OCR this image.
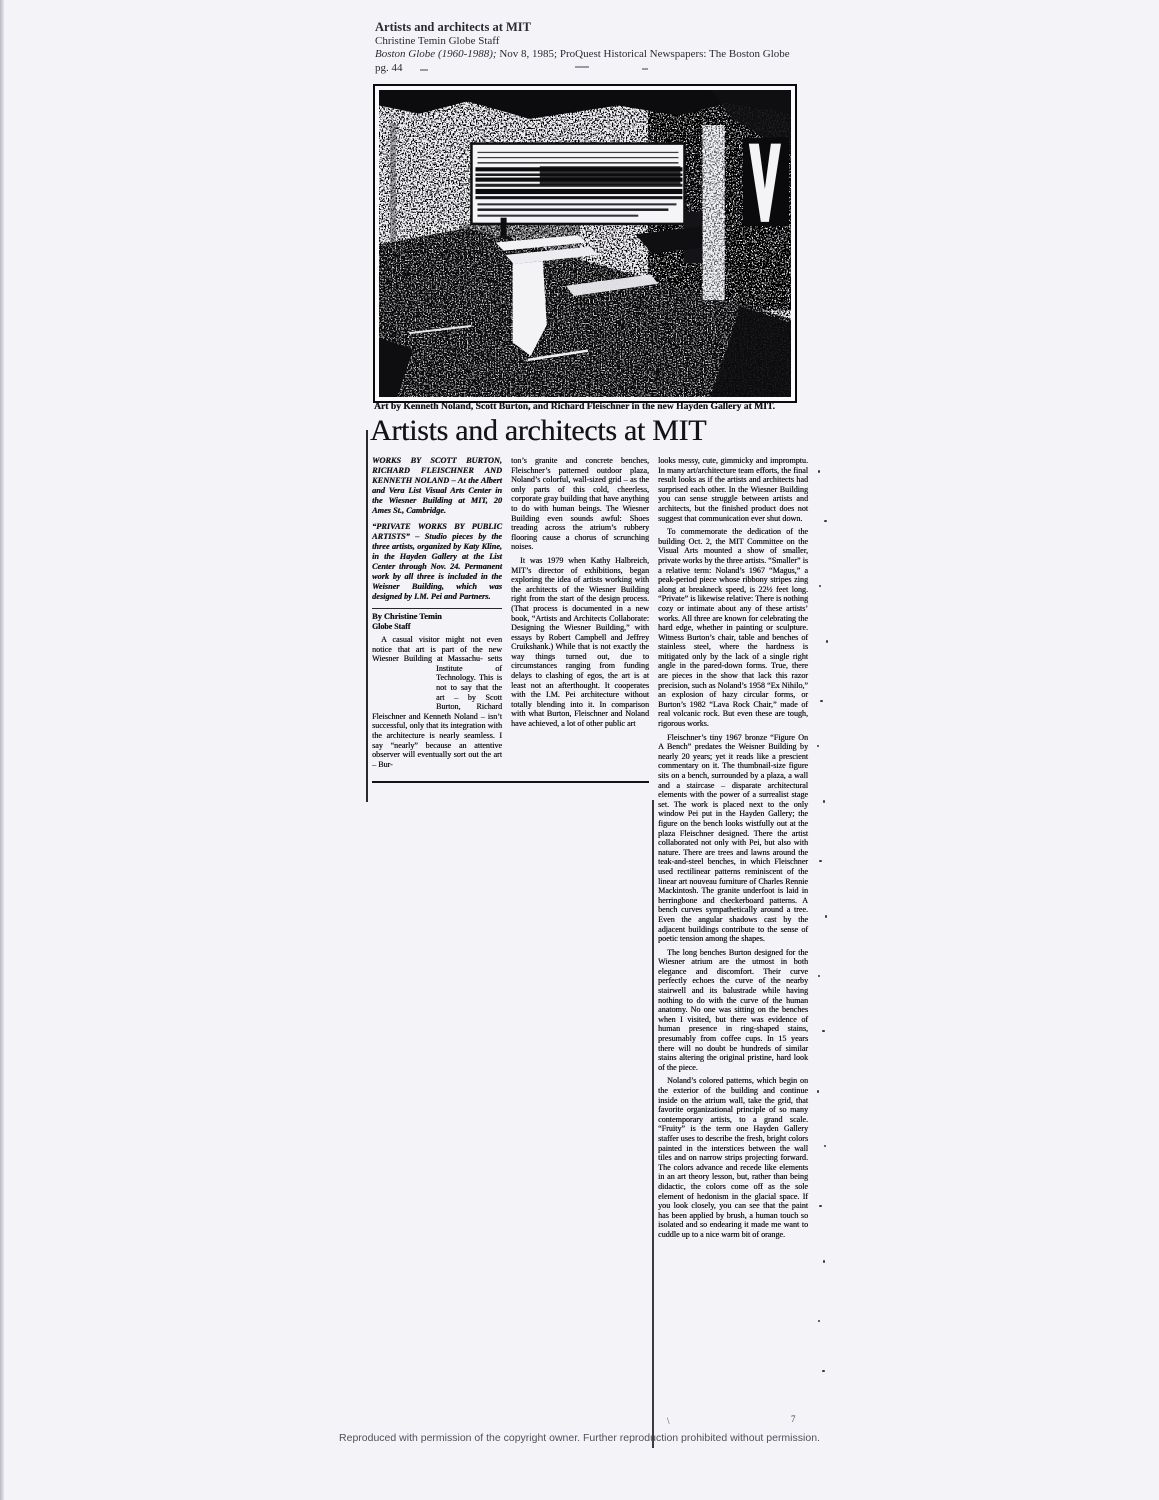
Artists and architects at MIT
Christine Temin Globe Staff
Boston Globe (1960-1988); Nov 8, 1985; ProQuest Historical Newspapers: The Boston Globe
pg. 44
Art by Kenneth Noland, Scott Burton, and Richard Fleischner in the new Hayden Gallery at MIT.
Artists and architects at MIT

WORKS BY SCOTT BURTON, RICHARD FLEISCHNER AND KENNETH NOLAND – At the Albert and Vera List Visual Arts Center in the Wiesner Building at MIT, 20 Ames St., Cambridge.

“PRIVATE WORKS BY PUBLIC ARTISTS” – Studio pieces by the three artists, organized by Katy Kline, in the Hayden Gallery at the List Center through Nov. 24. Permanent work by all three is included in the Weisner Building, which was designed by I.M. Pei and Partners.

By Christine Temin
Globe Staff

A casual visitor might not even notice that art is part of the new Wiesner Building at Massachu- setts Institute of Technology. This is not to say that the art – by Scott Burton, Richard Fleischner and Kenneth Noland – isn’t successful, only that its integration with the architecture is nearly seamless. I say “nearly” because an attentive observer will eventually sort out the art – Bur-

ton’s granite and concrete benches, Fleischner’s patterned outdoor plaza, Noland’s colorful, wall-sized grid – as the only parts of this cold, cheerless, corporate gray building that have anything to do with human beings. The Wiesner Building even sounds awful: Shoes treading across the atrium’s rubbery flooring cause a chorus of scrunching noises.

It was 1979 when Kathy Halbreich, MIT’s director of exhibitions, began exploring the idea of artists working with the architects of the Wiesner Building right from the start of the design process. (That process is documented in a new book, “Artists and Architects Collaborate: Designing the Wiesner Building,” with essays by Robert Campbell and Jeffrey Cruikshank.) While that is not exactly the way things turned out, due to circumstances ranging from funding delays to clashing of egos, the art is at least not an afterthought. It cooperates with the I.M. Pei architecture without totally blending into it. In comparison with what Burton, Fleischner and Noland have achieved, a lot of other public art

looks messy, cute, gimmicky and impromptu. In many art/architecture team efforts, the final result looks as if the artists and architects had surprised each other. In the Wiesner Building you can sense struggle between artists and architects, but the finished product does not suggest that communication ever shut down.

To commemorate the dedication of the building Oct. 2, the MIT Committee on the Visual Arts mounted a show of smaller, private works by the three artists. “Smaller” is a relative term: Noland’s 1967 “Magus,” a peak-period piece whose ribbony stripes zing along at breakneck speed, is 22½ feet long. “Private” is likewise relative: There is nothing cozy or intimate about any of these artists’ works. All three are known for celebrating the hard edge, whether in painting or sculpture. Witness Burton’s chair, table and benches of stainless steel, where the hardness is mitigated only by the lack of a single right angle in the pared-down forms. True, there are pieces in the show that lack this razor precision, such as Noland’s 1958 “Ex Nihilo,” an explosion of hazy circular forms, or Burton’s 1982 “Lava Rock Chair,” made of real volcanic rock. But even these are tough, rigorous works.

Fleischner’s tiny 1967 bronze “Figure On A Bench” predates the Weisner Building by nearly 20 years; yet it reads like a prescient commentary on it. The thumbnail-size figure sits on a bench, surrounded by a plaza, a wall and a staircase – disparate architectural elements with the power of a surrealist stage set. The work is placed next to the only window Pei put in the Hayden Gallery; the figure on the bench looks wistfully out at the plaza Fleischner designed. There the artist collaborated not only with Pei, but also with nature. There are trees and lawns around the teak-and-steel benches, in which Fleischner used rectilinear patterns reminiscent of the linear art nouveau furniture of Charles Rennie Mackintosh. The granite underfoot is laid in herringbone and checkerboard patterns. A bench curves sympathetically around a tree. Even the angular shadows cast by the adjacent buildings contribute to the sense of poetic tension among the shapes.

The long benches Burton designed for the Wiesner atrium are the utmost in both elegance and discomfort. Their curve perfectly echoes the curve of the nearby stairwell and its balustrade while having nothing to do with the curve of the human anatomy. No one was sitting on the benches when I visited, but there was evidence of human presence in ring-shaped stains, presumably from coffee cups. In 15 years there will no doubt be hundreds of similar stains altering the original pristine, hard look of the piece.

Noland’s colored patterns, which begin on the exterior of the building and continue inside on the atrium wall, take the grid, that favorite organizational principle of so many contemporary artists, to a grand scale. “Fruity” is the term one Hayden Gallery staffer uses to describe the fresh, bright colors painted in the interstices between the wall tiles and on narrow strips projecting forward. The colors advance and recede like elements in an art theory lesson, but, rather than being didactic, the colors come off as the sole element of hedonism in the glacial space. If you look closely, you can see that the paint has been applied by brush, a human touch so isolated and so endearing it made me want to cuddle up to a nice warm bit of orange.

\	7
Reproduced with permission of the copyright owner. Further reproduction prohibited without permission.
